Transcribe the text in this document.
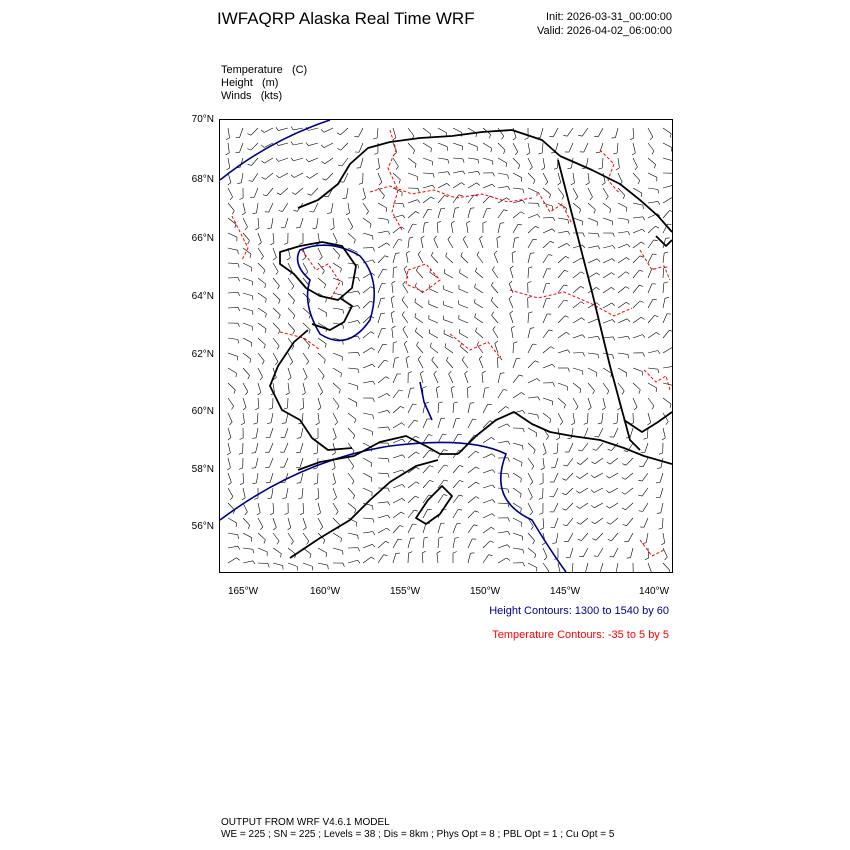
IWFAQRP Alaska Real Time WRF	Init: 2026-03-31_00:00:00
Valid: 2026-04-02_06:00:00
Temperature (C)
Height (m)
Winds (kts)
70°N
68°N
66°N
64°N
62°N
60°N
58°N
56°N
165°W	160°W	155°W	150°W	145°W	140°W
Height Contours: 1300 to 1540 by 60
Temperature Contours: -35 to 5 by 5
OUTPUT FROM WRF V4.6.1 MODEL
WE = 225 ; SN = 225 ; Levels = 38 ; Dis = 8km ; Phys Opt = 8 ; PBL Opt = 1 ; Cu Opt = 5
